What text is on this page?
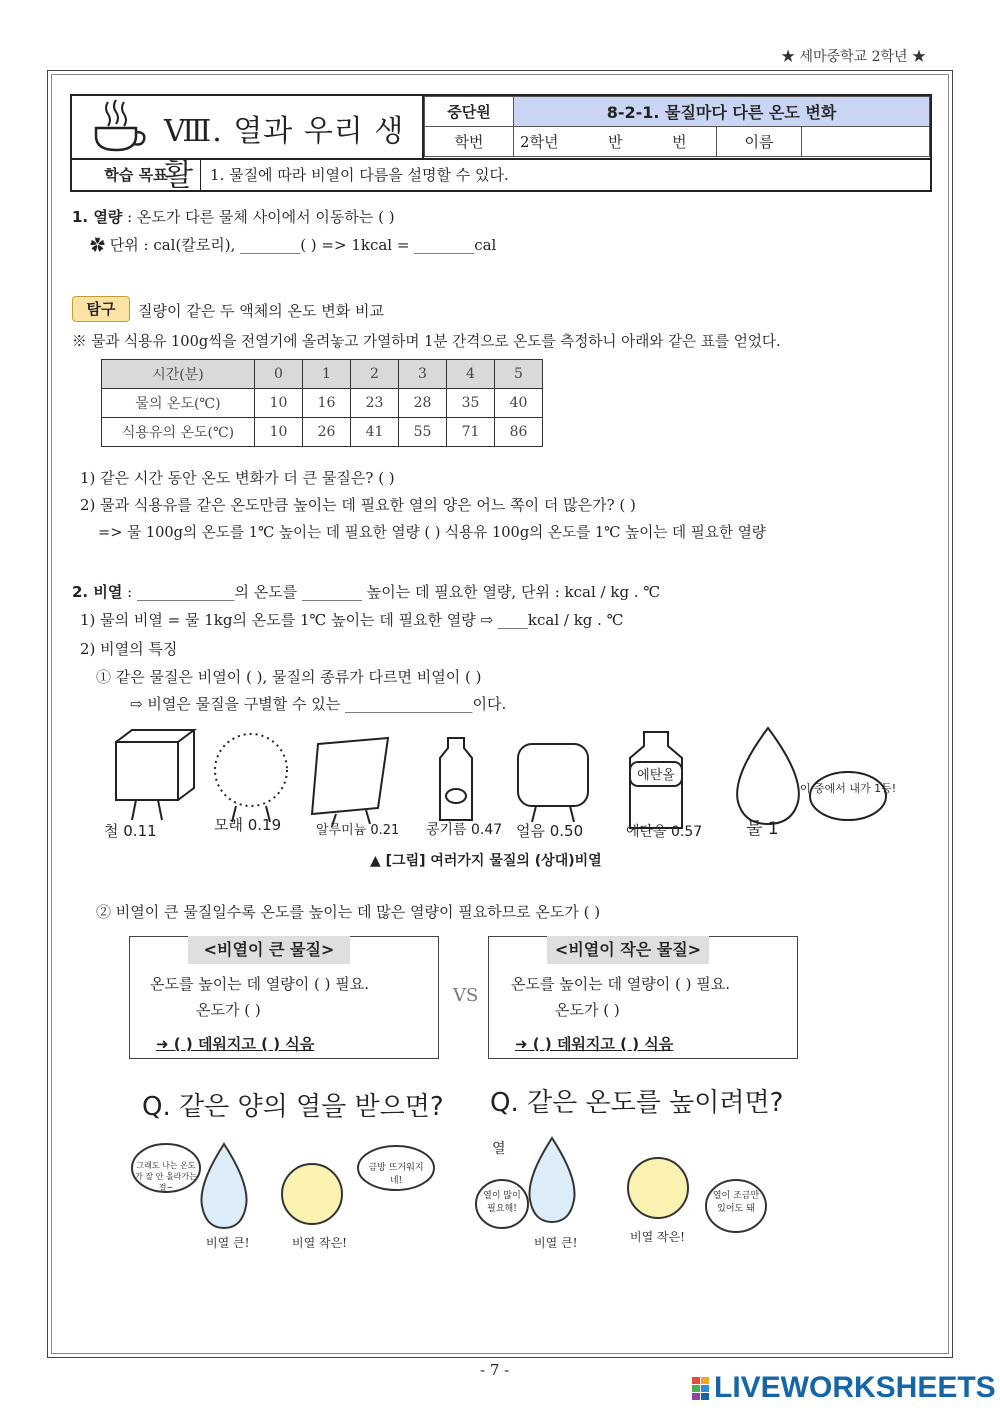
★ 세마중학교 2학년 ★
Ⅷ. 열과 우리 생활
중단원	8-2-1. 물질마다 다른 온도 변화		
학번	2학년 반 번	이름	
학습 목표	1. 물질에 따라 비열이 다름을 설명할 수 있다.
1. 열량 : 온도가 다른 물체 사이에서 이동하는 ( )
✿ 단위 : cal(칼로리), ________( ) => 1kcal = ________cal
탐구	질량이 같은 두 액체의 온도 변화 비교
※ 물과 식용유 100g씩을 전열기에 올려놓고 가열하며 1분 간격으로 온도를 측정하니 아래와 같은 표를 얻었다.
시간(분)	0	1	2	3	4	5
물의 온도(℃)	10	16	23	28	35	40
식용유의 온도(℃)	10	26	41	55	71	86
1) 같은 시간 동안 온도 변화가 더 큰 물질은? ( )
2) 물과 식용유를 같은 온도만큼 높이는 데 필요한 열의 양은 어느 쪽이 더 많은가? ( )
=> 물 100g의 온도를 1℃ 높이는 데 필요한 열량 ( ) 식용유 100g의 온도를 1℃ 높이는 데 필요한 열량
2. 비열 : _____________의 온도를 ________ 높이는 데 필요한 열량, 단위 : kcal / kg . ℃
1) 물의 비열 = 물 1kg의 온도를 1℃ 높이는 데 필요한 열량 ⇨ ____kcal / kg . ℃
2) 비열의 특징
① 같은 물질은 비열이 ( ), 물질의 종류가 다르면 비열이 ( )
⇨ 비열은 물질을 구별할 수 있는 _________________이다.
에탄올
이 중에서 내가 1등!
철 0.11	모래 0.19	알루미늄 0.21 콩기름 0.47 얼음 0.50	에탄올 0.57	물 1
▲ [그림] 여러가지 물질의 (상대)비열
② 비열이 큰 물질일수록 온도를 높이는 데 많은 열량이 필요하므로 온도가 ( )
<비열이 큰 물질>
온도를 높이는 데 열량이 ( ) 필요.
온도가 ( )
➜ ( ) 데워지고 ( ) 식음
VS
<비열이 작은 물질>
온도를 높이는 데 열량이 ( ) 필요.
온도가 ( )
➜ ( ) 데워지고 ( ) 식음
Q. 같은 양의 열을 받으면?
그래도 나는 온도가 잘 안 올라가는 걸~
금방 뜨거워지네!
비열 큰!	비열 작은!
Q. 같은 온도를 높이려면?
열
열이 많이 필요해!
열이 조금만 있어도 돼
비열 큰!	비열 작은!
- 7 -
LIVEWORKSHEETS
